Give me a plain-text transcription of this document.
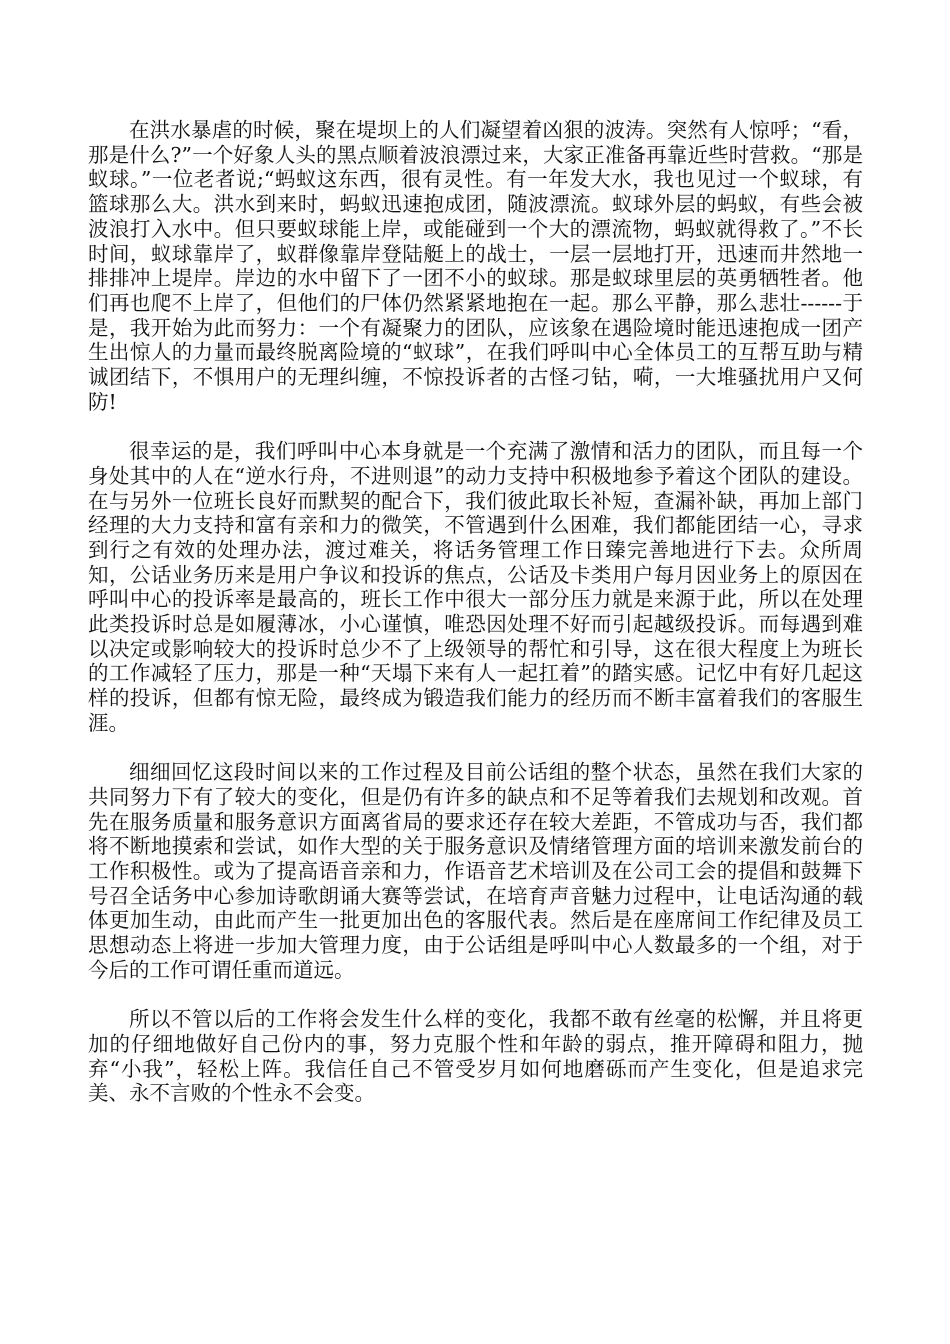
在洪水暴虐的时候，聚在堤坝上的人们凝望着凶狠的波涛。突然有人惊呼；“看，那是什么?”一个好象人头的黑点顺着波浪漂过来，大家正准备再靠近些时营救。“那是蚁球。”一位老者说;“蚂蚁这东西，很有灵性。有一年发大水，我也见过一个蚁球，有篮球那么大。洪水到来时，蚂蚁迅速抱成团，随波漂流。蚁球外层的蚂蚁，有些会被波浪打入水中。但只要蚁球能上岸，或能碰到一个大的漂流物，蚂蚁就得救了。”不长时间，蚁球靠岸了，蚁群像靠岸登陆艇上的战士，一层一层地打开，迅速而井然地一排排冲上堤岸。岸边的水中留下了一团不小的蚁球。那是蚁球里层的英勇牺牲者。他们再也爬不上岸了，但他们的尸体仍然紧紧地抱在一起。那么平静，那么悲壮------于是，我开始为此而努力：一个有凝聚力的团队，应该象在遇险境时能迅速抱成一团产生出惊人的力量而最终脱离险境的“蚁球”，在我们呼叫中心全体员工的互帮互助与精诚团结下，不惧用户的无理纠缠，不惊投诉者的古怪刁钻，嗬，一大堆骚扰用户又何防!

很幸运的是，我们呼叫中心本身就是一个充满了激情和活力的团队，而且每一个身处其中的人在“逆水行舟，不进则退”的动力支持中积极地参予着这个团队的建设。在与另外一位班长良好而默契的配合下，我们彼此取长补短，查漏补缺，再加上部门经理的大力支持和富有亲和力的微笑，不管遇到什么困难，我们都能团结一心，寻求到行之有效的处理办法，渡过难关，将话务管理工作日臻完善地进行下去。众所周知，公话业务历来是用户争议和投诉的焦点，公话及卡类用户每月因业务上的原因在呼叫中心的投诉率是最高的，班长工作中很大一部分压力就是来源于此，所以在处理此类投诉时总是如履薄冰，小心谨慎，唯恐因处理不好而引起越级投诉。而每遇到难以决定或影响较大的投诉时总少不了上级领导的帮忙和引导，这在很大程度上为班长的工作减轻了压力，那是一种“天塌下来有人一起扛着”的踏实感。记忆中有好几起这样的投诉，但都有惊无险，最终成为锻造我们能力的经历而不断丰富着我们的客服生涯。

细细回忆这段时间以来的工作过程及目前公话组的整个状态，虽然在我们大家的共同努力下有了较大的变化，但是仍有许多的缺点和不足等着我们去规划和改观。首先在服务质量和服务意识方面离省局的要求还存在较大差距，不管成功与否，我们都将不断地摸索和尝试，如作大型的关于服务意识及情绪管理方面的培训来激发前台的工作积极性。或为了提高语音亲和力，作语音艺术培训及在公司工会的提倡和鼓舞下号召全话务中心参加诗歌朗诵大赛等尝试，在培育声音魅力过程中，让电话沟通的载体更加生动，由此而产生一批更加出色的客服代表。然后是在座席间工作纪律及员工思想动态上将进一步加大管理力度，由于公话组是呼叫中心人数最多的一个组，对于今后的工作可谓任重而道远。

所以不管以后的工作将会发生什么样的变化，我都不敢有丝毫的松懈，并且将更加的仔细地做好自己份内的事，努力克服个性和年龄的弱点，推开障碍和阻力，抛弃“小我”，轻松上阵。我信任自己不管受岁月如何地磨砾而产生变化，但是追求完美、永不言败的个性永不会变。
